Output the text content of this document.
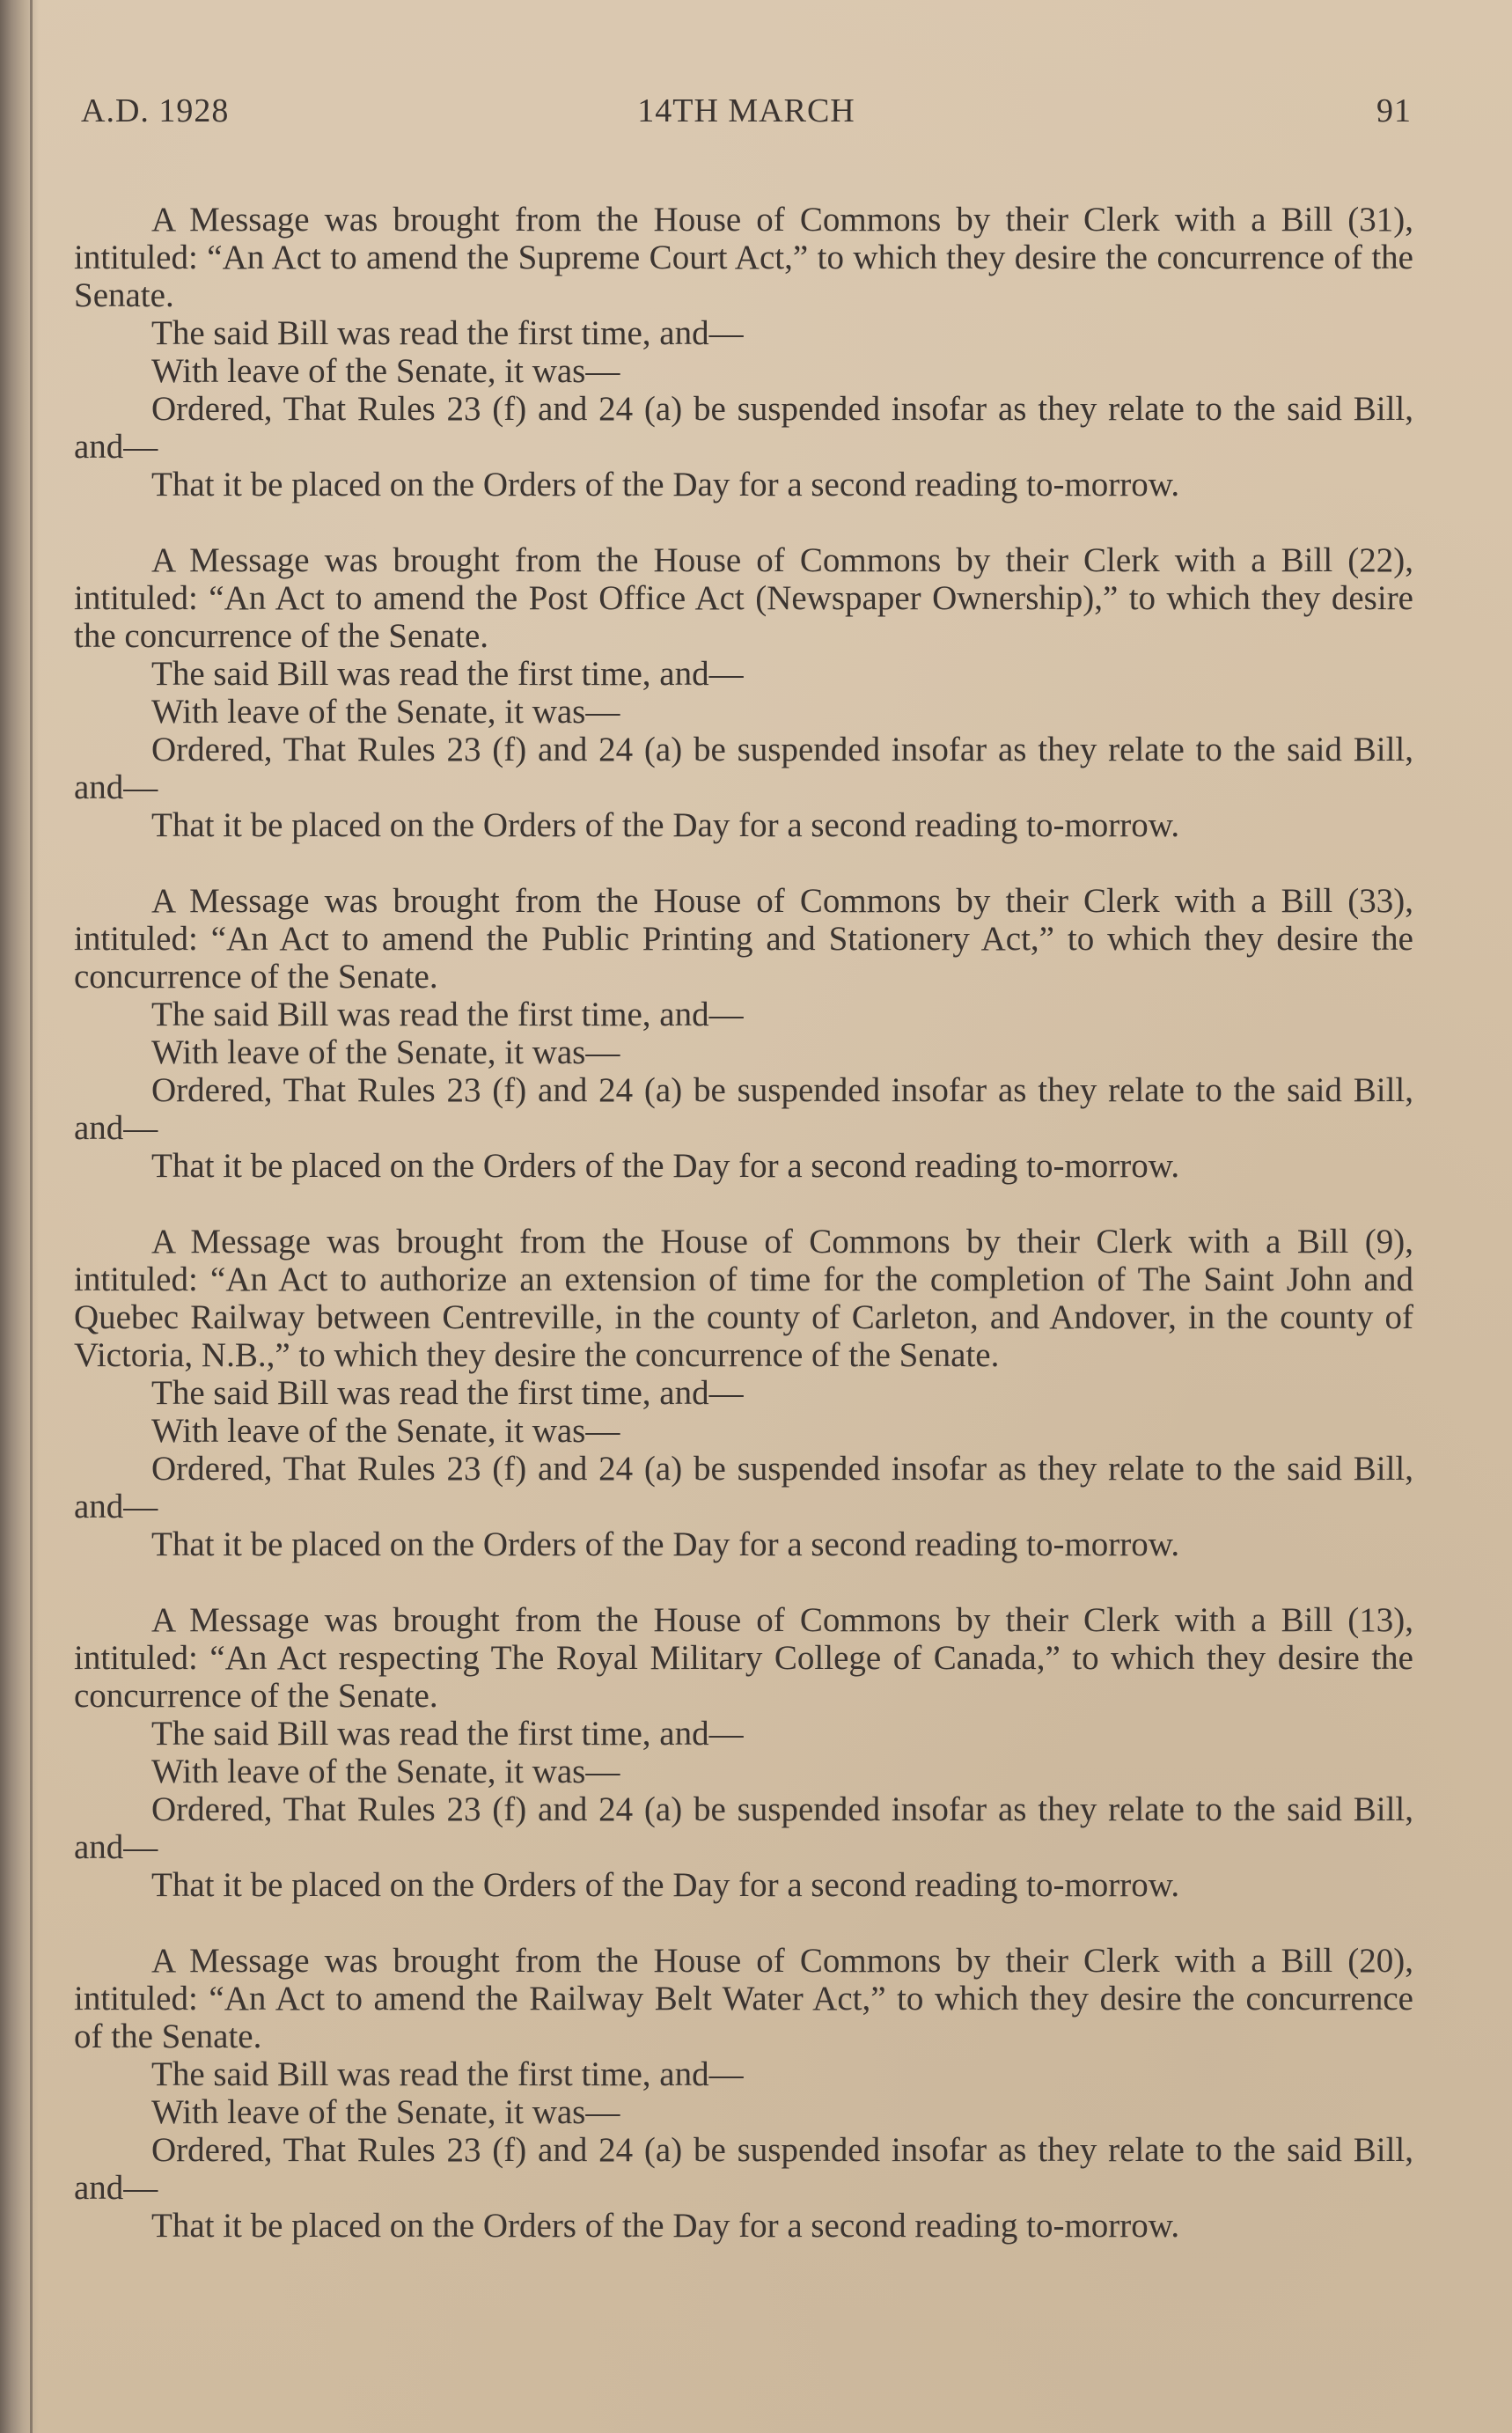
A.D. 1928	14TH MARCH	91

A Message was brought from the House of Commons by their Clerk with a Bill (31), intituled: “An Act to amend the Supreme Court Act,” to which they desire the concurrence of the Senate.

The said Bill was read the first time, and—

With leave of the Senate, it was—

Ordered, That Rules 23 (f) and 24 (a) be suspended insofar as they relate to the said Bill, and—

That it be placed on the Orders of the Day for a second reading to-morrow.

A Message was brought from the House of Commons by their Clerk with a Bill (22), intituled: “An Act to amend the Post Office Act (Newspaper Ownership),” to which they desire the concurrence of the Senate.

The said Bill was read the first time, and—

With leave of the Senate, it was—

Ordered, That Rules 23 (f) and 24 (a) be suspended insofar as they relate to the said Bill, and—

That it be placed on the Orders of the Day for a second reading to-morrow.

A Message was brought from the House of Commons by their Clerk with a Bill (33), intituled: “An Act to amend the Public Printing and Stationery Act,” to which they desire the concurrence of the Senate.

The said Bill was read the first time, and—

With leave of the Senate, it was—

Ordered, That Rules 23 (f) and 24 (a) be suspended insofar as they relate to the said Bill, and—

That it be placed on the Orders of the Day for a second reading to-morrow.

A Message was brought from the House of Commons by their Clerk with a Bill (9), intituled: “An Act to authorize an extension of time for the completion of The Saint John and Quebec Railway between Centreville, in the county of Carleton, and Andover, in the county of Victoria, N.B.,” to which they desire the concurrence of the Senate.

The said Bill was read the first time, and—

With leave of the Senate, it was—

Ordered, That Rules 23 (f) and 24 (a) be suspended insofar as they relate to the said Bill, and—

That it be placed on the Orders of the Day for a second reading to-morrow.

A Message was brought from the House of Commons by their Clerk with a Bill (13), intituled: “An Act respecting The Royal Military College of Canada,” to which they desire the concurrence of the Senate.

The said Bill was read the first time, and—

With leave of the Senate, it was—

Ordered, That Rules 23 (f) and 24 (a) be suspended insofar as they relate to the said Bill, and—

That it be placed on the Orders of the Day for a second reading to-morrow.

A Message was brought from the House of Commons by their Clerk with a Bill (20), intituled: “An Act to amend the Railway Belt Water Act,” to which they desire the concurrence of the Senate.

The said Bill was read the first time, and—

With leave of the Senate, it was—

Ordered, That Rules 23 (f) and 24 (a) be suspended insofar as they relate to the said Bill, and—

That it be placed on the Orders of the Day for a second reading to-morrow.
